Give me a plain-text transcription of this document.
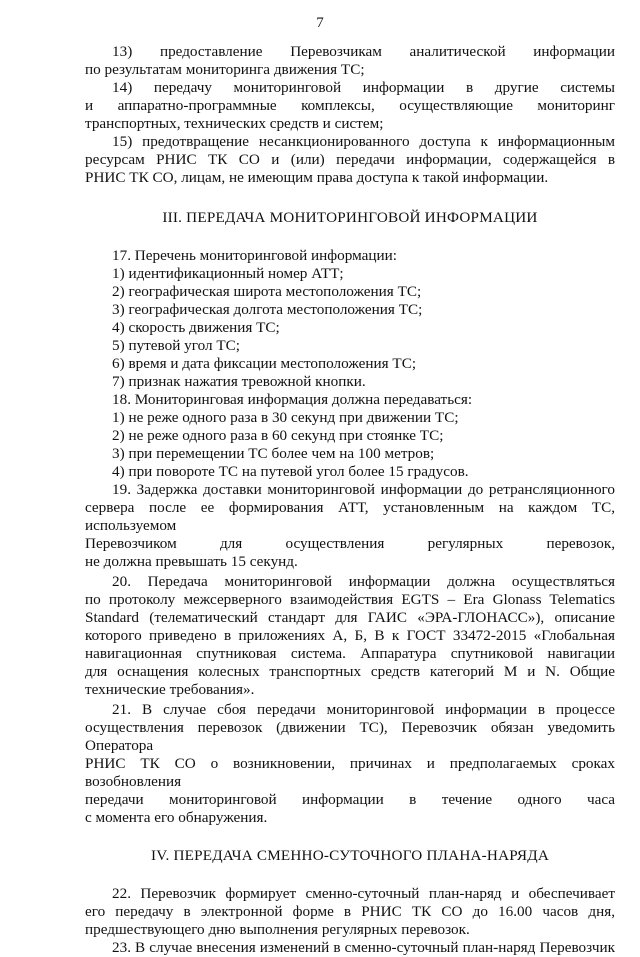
7

13) предоставление Перевозчикам аналитической информации

по результатам мониторинга движения ТС;

14) передачу мониторинговой информации в другие системы

и аппаратно-программные комплексы, осуществляющие мониторинг

транспортных, технических средств и систем;

15) предотвращение несанкционированного доступа к информационным

ресурсам РНИС ТК СО и (или) передачи информации, содержащейся в

РНИС ТК СО, лицам, не имеющим права доступа к такой информации.

III. ПЕРЕДАЧА МОНИТОРИНГОВОЙ ИНФОРМАЦИИ

17. Перечень мониторинговой информации:

1) идентификационный номер АТТ;

2) географическая широта местоположения ТС;

3) географическая долгота местоположения ТС;

4) скорость движения ТС;

5) путевой угол ТС;

6) время и дата фиксации местоположения ТС;

7) признак нажатия тревожной кнопки.

18. Мониторинговая информация должна передаваться:

1) не реже одного раза в 30 секунд при движении ТС;

2) не реже одного раза в 60 секунд при стоянке ТС;

3) при перемещении ТС более чем на 100 метров;

4) при повороте ТС на путевой угол более 15 градусов.

19. Задержка доставки мониторинговой информации до ретрансляционного

сервера после ее формирования АТТ, установленным на каждом ТС, используемом

Перевозчиком для осуществления регулярных перевозок,

не должна превышать 15 секунд.

20. Передача мониторинговой информации должна осуществляться

по протоколу межсерверного взаимодействия EGTS – Era Glonass Telematics

Standard (телематический стандарт для ГАИС «ЭРА-ГЛОНАСС»), описание

которого приведено в приложениях А, Б, В к ГОСТ 33472-2015 «Глобальная

навигационная спутниковая система. Аппаратура спутниковой навигации

для оснащения колесных транспортных средств категорий M и N. Общие

технические требования».

21. В случае сбоя передачи мониторинговой информации в процессе

осуществления перевозок (движении ТС), Перевозчик обязан уведомить Оператора

РНИС ТК СО о возникновении, причинах и предполагаемых сроках возобновления

передачи мониторинговой информации в течение одного часа

с момента его обнаружения.

IV. ПЕРЕДАЧА СМЕННО-СУТОЧНОГО ПЛАНА-НАРЯДА

22. Перевозчик формирует сменно-суточный план-наряд и обеспечивает

его передачу в электронной форме в РНИС ТК СО до 16.00 часов дня,

предшествующего дню выполнения регулярных перевозок.

23. В случае внесения изменений в сменно-суточный план-наряд Перевозчик
